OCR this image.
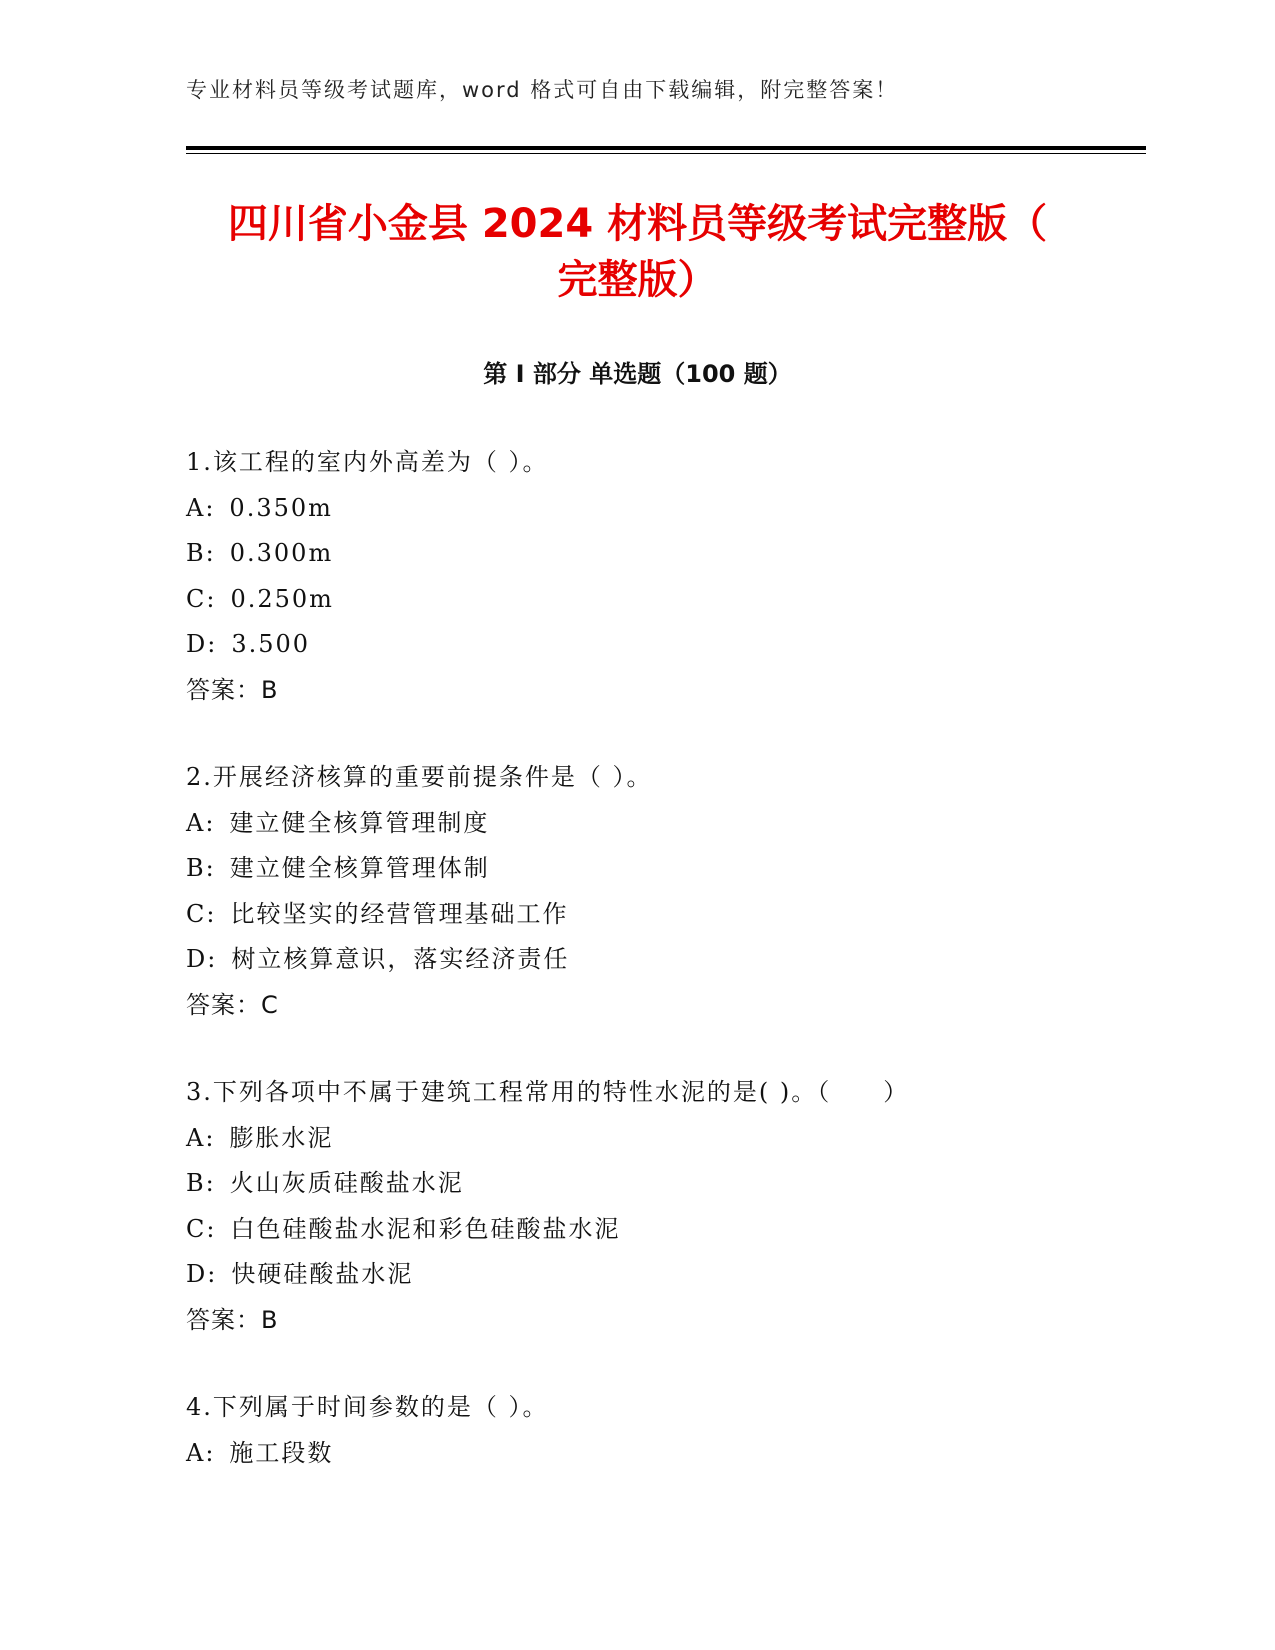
专业材料员等级考试题库，word 格式可自由下载编辑，附完整答案！
四川省小金县 2024 材料员等级考试完整版（
完整版）
第 I 部分 单选题（100 题）
1.该工程的室内外高差为（ ）。
A: 0.350m
B: 0.300m
C: 0.250m
D: 3.500
答案：B
2.开展经济核算的重要前提条件是（ ）。
A: 建立健全核算管理制度
B: 建立健全核算管理体制
C: 比较坚实的经营管理基础工作
D: 树立核算意识，落实经济责任
答案：C
3.下列各项中不属于建筑工程常用的特性水泥的是( )。（　　）
A: 膨胀水泥
B: 火山灰质硅酸盐水泥
C: 白色硅酸盐水泥和彩色硅酸盐水泥
D: 快硬硅酸盐水泥
答案：B
4.下列属于时间参数的是（ ）。
A: 施工段数
